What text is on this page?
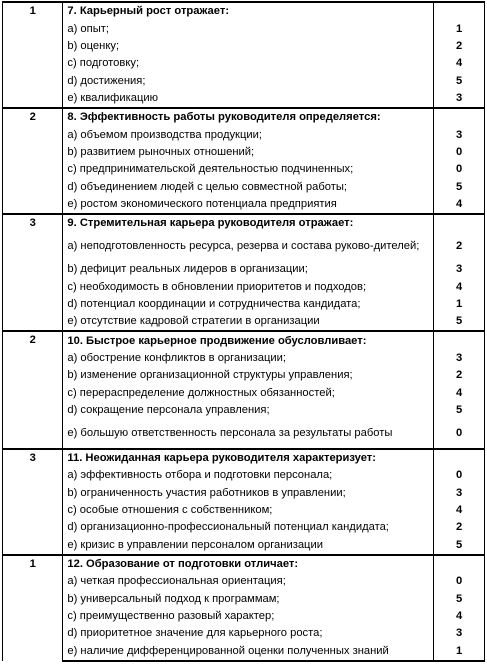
1	7. Карьерный рост отражает:	
	a) опыт;	1
	b) оценку;	2
	c) подготовку;	4
	d) достижения;	5
	e) квалификацию	3
2	8. Эффективность работы руководителя определяется:	
	a) объемом производства продукции;	3
	b) развитием рыночных отношений;	0
	c) предпринимательской деятельностью подчиненных;	0
	d) объединением людей с целью совместной работы;	5
	e) ростом экономического потенциала предприятия	4
3	9. Стремительная карьера руководителя отражает:	
	a) неподготовленность ресурса, резерва и состава руково-дителей;	2
	b) дефицит реальных лидеров в организации;	3
	c) необходимость в обновлении приоритетов и подходов;	4
	d) потенциал координации и сотрудничества кандидата;	1
	e) отсутствие кадровой стратегии в организации	5
2	10. Быстрое карьерное продвижение обусловливает:	
	a) обострение конфликтов в организации;	3
	b) изменение организационной структуры управления;	2
	c) перераспределение должностных обязанностей;	4
	d) сокращение персонала управления;	5
	e) большую ответственность персонала за результаты работы	0
3	11. Неожиданная карьера руководителя характеризует:	
	a) эффективность отбора и подготовки персонала;	0
	b) ограниченность участия работников в управлении;	3
	c) особые отношения с собственником;	4
	d) организационно-профессиональный потенциал кандидата;	2
	e) кризис в управлении персоналом организации	5
1	12. Образование от подготовки отличает:	
	a) четкая профессиональная ориентация;	0
	b) универсальный подход к программам;	5
	c) преимущественно разовый характер;	4
	d) приоритетное значение для карьерного роста;	3
	e) наличие дифференцированной оценки полученных знаний	1
